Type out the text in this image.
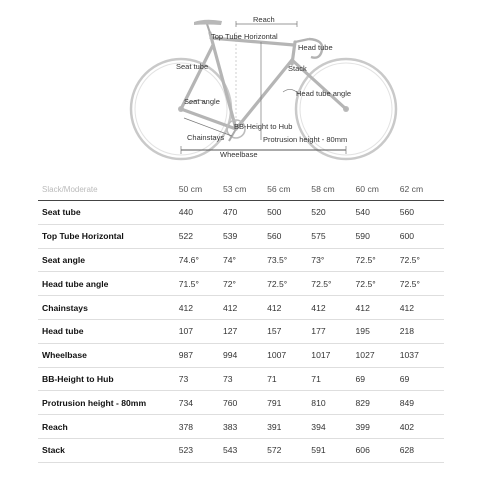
Reach
Top Tube Horizontal
Head tube
Seat tube	Stack
Seat angle
Head tube angle
BB-Height to Hub
Chainstays	Protrusion height - 80mm
Wheelbase
Slack/Moderate	50 cm	53 cm	56 cm	58 cm	60 cm	62 cm
Seat tube	440	470	500	520	540	560
Top Tube Horizontal	522	539	560	575	590	600
Seat angle	74.6°	74°	73.5°	73°	72.5°	72.5°
Head tube angle	71.5°	72°	72.5°	72.5°	72.5°	72.5°
Chainstays	412	412	412	412	412	412
Head tube	107	127	157	177	195	218
Wheelbase	987	994	1007	1017	1027	1037
BB-Height to Hub	73	73	71	71	69	69
Protrusion height - 80mm	734	760	791	810	829	849
Reach	378	383	391	394	399	402
Stack	523	543	572	591	606	628
